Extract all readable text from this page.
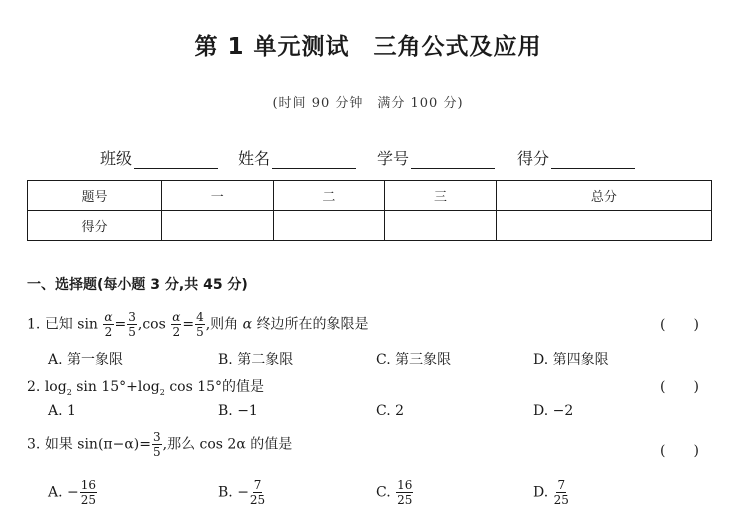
第 1 单元测试　三角公式及应用
(时间 90 分钟　满分 100 分)
班级	姓名	学号	得分
题号	一	二	三	总分
得分				
一、选择题(每小题 3 分,共 45 分)
1. 已知 $\sin \frac{\alpha}{2} = \frac{3}{5} ,\cos \frac{\alpha}{2} = \frac{4}{5}$ ,则角 α 终边所在的象限是	(　　)
A. 第一象限	B. 第二象限	C. 第三象限	D. 第四象限
2. $\log_2 \sin 15^\circ+\log_2$ cos 15°的值是	(　　)
A. 1	B. −1	C. 2	D. −2
3. 如果 $\sin(\pi-\alpha)= \frac{3}{5}$ ,那么 cos 2α 的值是	(　　)
A. − $\frac{16}{25}$	B. − $\frac{7}{25}$	C. $\frac{16}{25}$	D. $\frac{7}{25}$
